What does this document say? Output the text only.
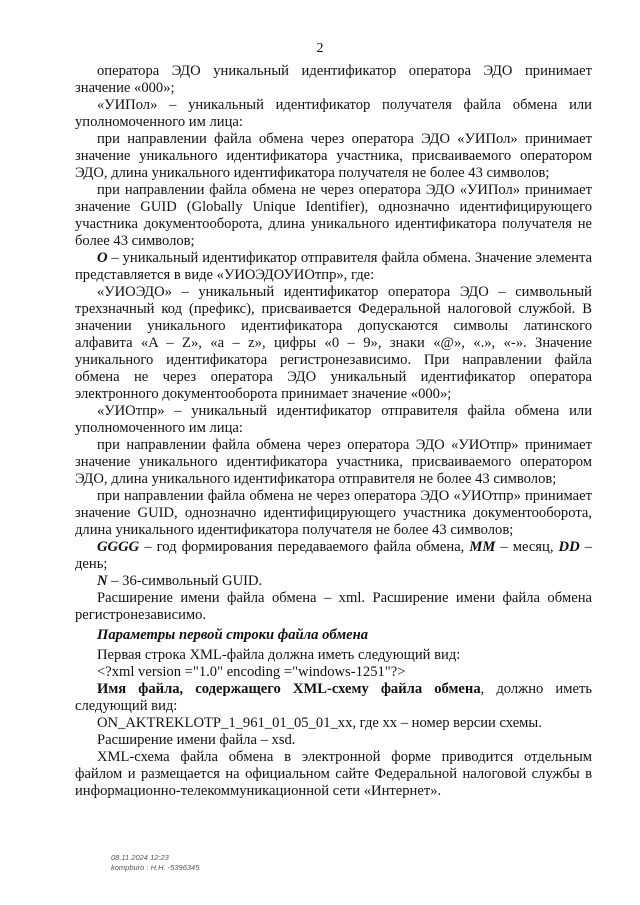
2

оператора ЭДО уникальный идентификатор оператора ЭДО принимает значение «000»;

«УИПол» – уникальный идентификатор получателя файла обмена или уполномоченного им лица:

при направлении файла обмена через оператора ЭДО «УИПол» принимает значение уникального идентификатора участника, присваиваемого оператором ЭДО, длина уникального идентификатора получателя не более 43 символов;

при направлении файла обмена не через оператора ЭДО «УИПол» принимает значение GUID (Globally Unique Identifier), однозначно идентифицирующего участника документооборота, длина уникального идентификатора получателя не более 43 символов;

O – уникальный идентификатор отправителя файла обмена. Значение элемента представляется в виде «УИОЭДОУИОтпр», где:

«УИОЭДО» – уникальный идентификатор оператора ЭДО – символьный трехзначный код (префикс), присваивается Федеральной налоговой службой. В значении уникального идентификатора допускаются символы латинского алфавита «A – Z», «a – z», цифры «0 – 9», знаки «@», «.», «-». Значение уникального идентификатора регистронезависимо. При направлении файла обмена не через оператора ЭДО уникальный идентификатор оператора электронного документооборота принимает значение «000»;

«УИОтпр» – уникальный идентификатор отправителя файла обмена или уполномоченного им лица:

при направлении файла обмена через оператора ЭДО «УИОтпр» принимает значение уникального идентификатора участника, присваиваемого оператором ЭДО, длина уникального идентификатора отправителя не более 43 символов;

при направлении файла обмена не через оператора ЭДО «УИОтпр» принимает значение GUID, однозначно идентифицирующего участника документооборота, длина уникального идентификатора получателя не более 43 символов;

GGGG – год формирования передаваемого файла обмена, MM – месяц, DD – день;

N – 36-символьный GUID.

Расширение имени файла обмена – xml. Расширение имени файла обмена регистронезависимо.

Параметры первой строки файла обмена

Первая строка XML-файла должна иметь следующий вид:

<?xml version ="1.0" encoding ="windows-1251"?>

Имя файла, содержащего XML-схему файла обмена, должно иметь следующий вид:

ON_AKTREKLOTP_1_961_01_05_01_xx, где хх – номер версии схемы.

Расширение имени файла – xsd.

XML-схема файла обмена в электронной форме приводится отдельным файлом и размещается на официальном сайте Федеральной налоговой службы в информационно-телекоммуникационной сети «Интернет».

08.11.2024 12:23
kompburo : Н.Н. -5396345
